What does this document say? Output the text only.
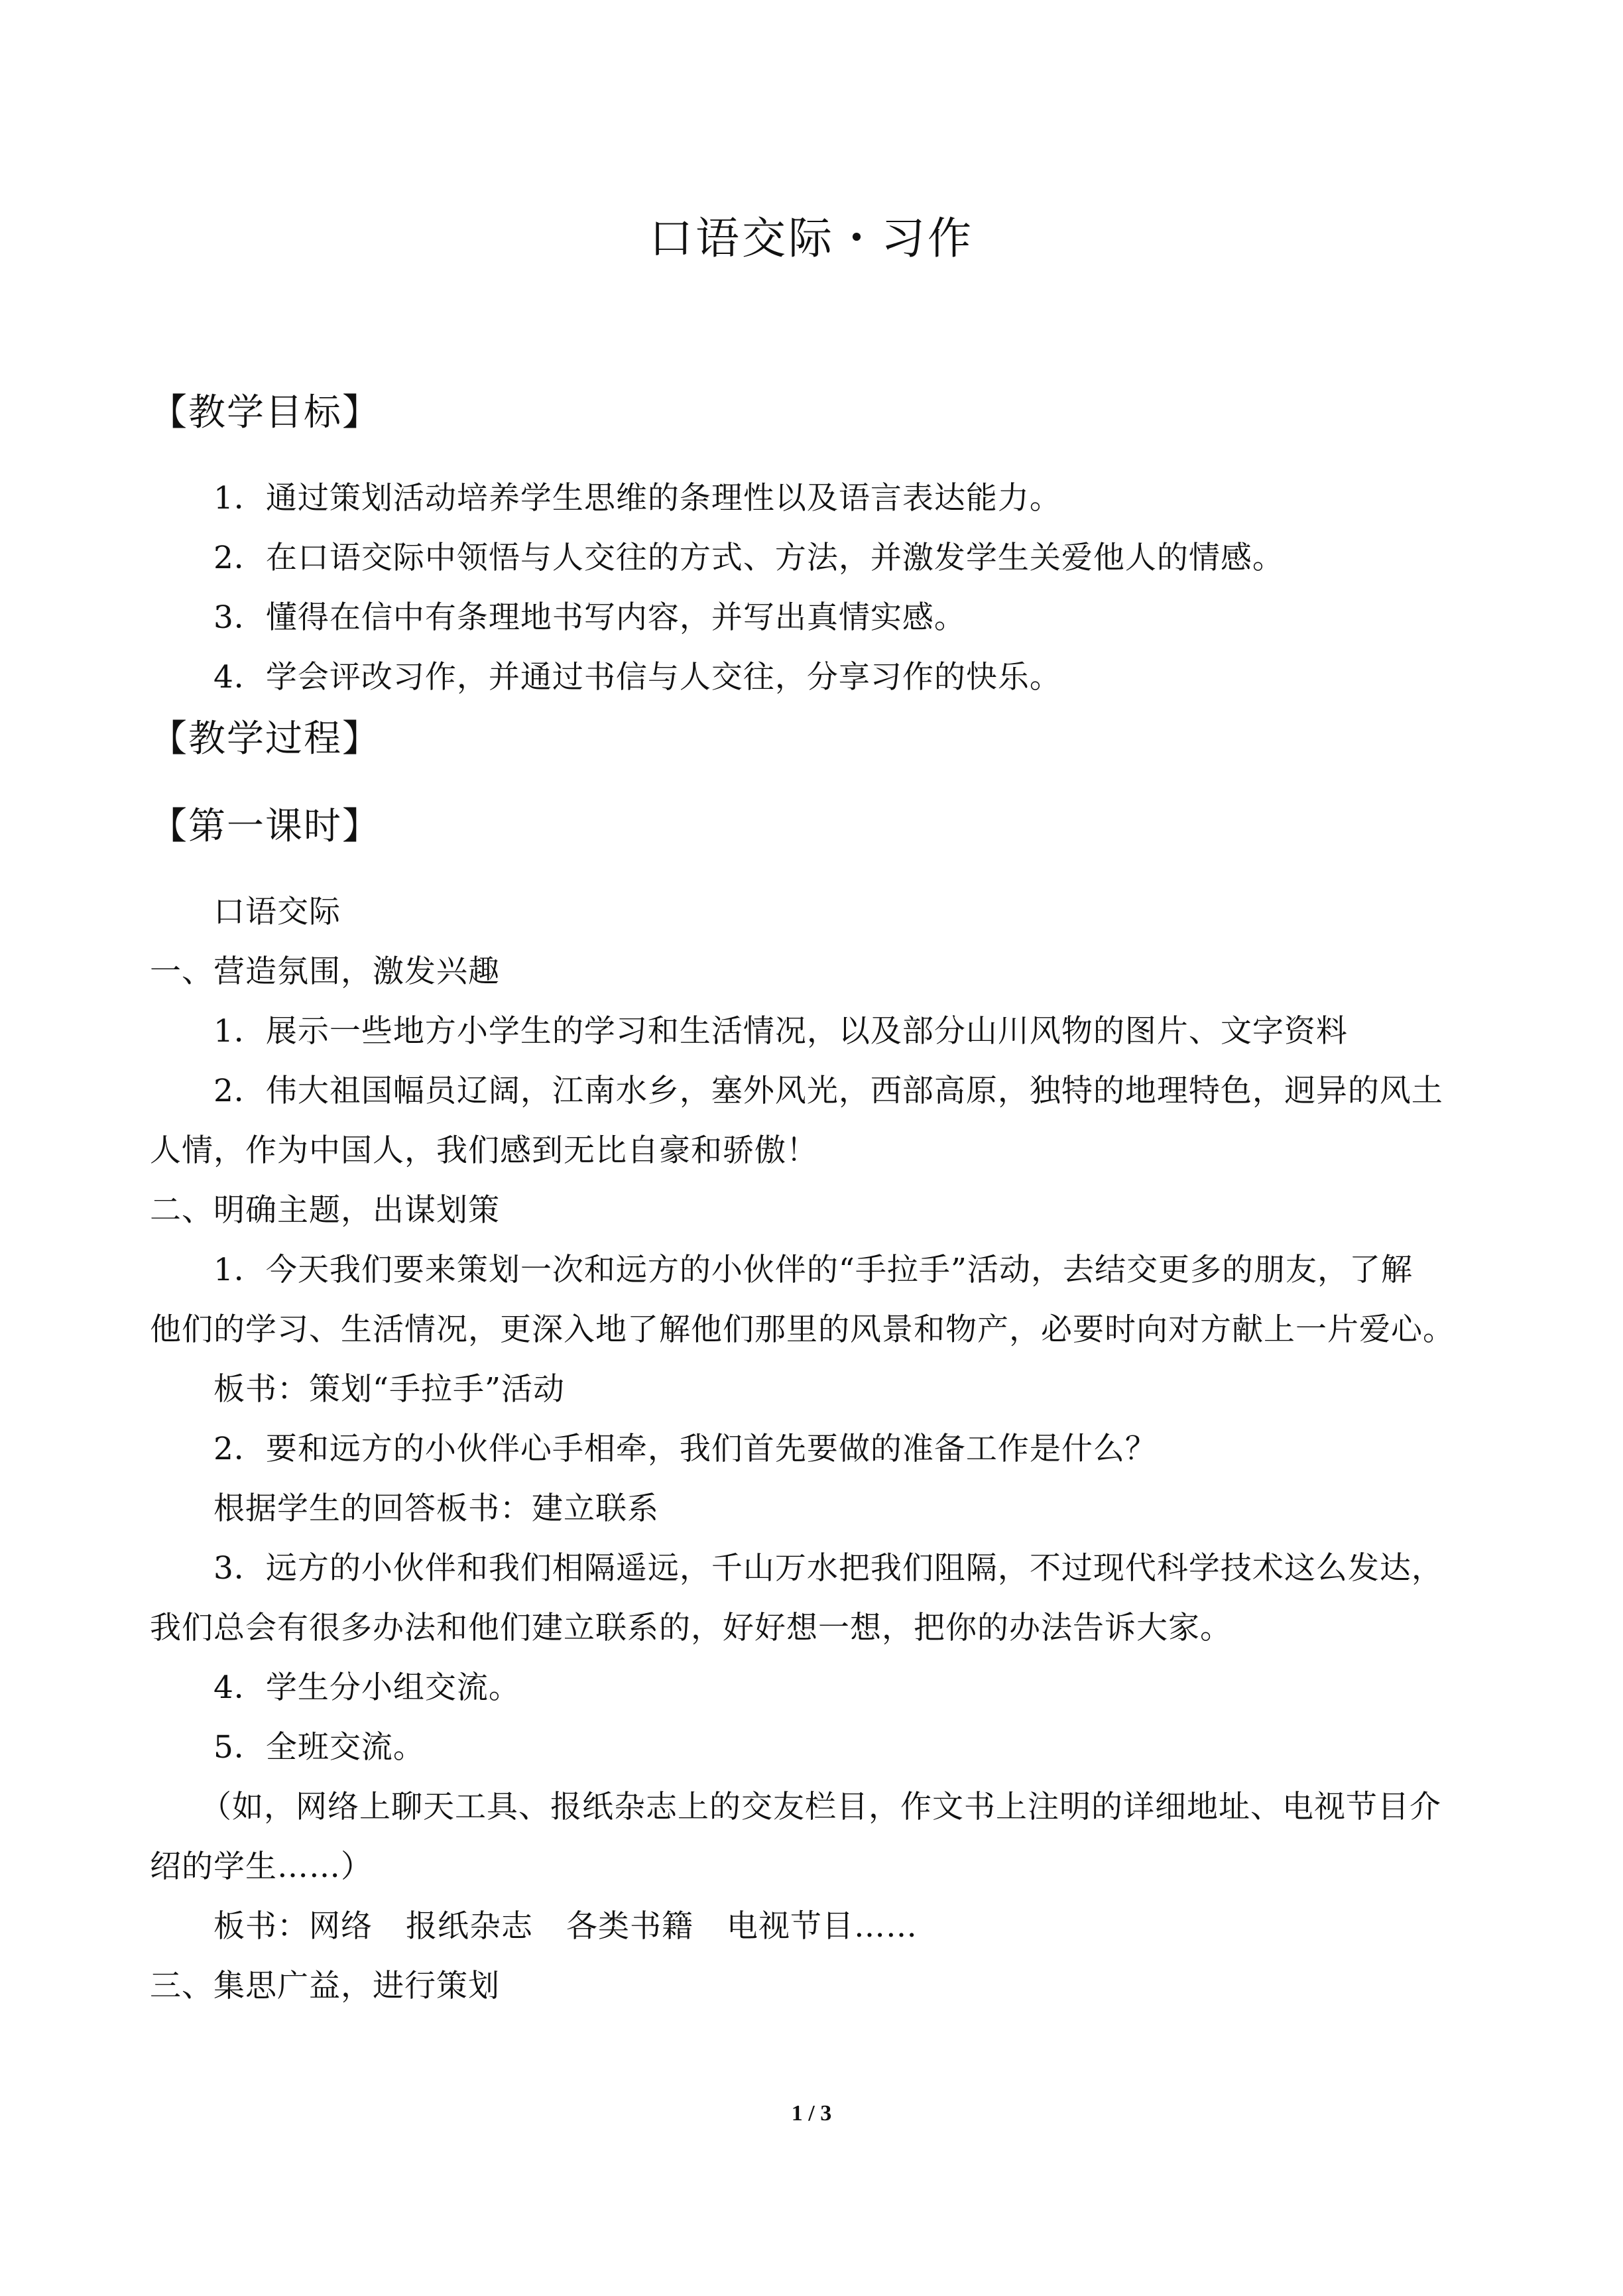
口语交际・习作
【教学目标】
1．通过策划活动培养学生思维的条理性以及语言表达能力。
2．在口语交际中领悟与人交往的方式、方法，并激发学生关爱他人的情感。
3．懂得在信中有条理地书写内容，并写出真情实感。
4．学会评改习作，并通过书信与人交往，分享习作的快乐。
【教学过程】
【第一课时】
口语交际
一、营造氛围，激发兴趣
1．展示一些地方小学生的学习和生活情况，以及部分山川风物的图片、文字资料
2．伟大祖国幅员辽阔，江南水乡，塞外风光，西部高原，独特的地理特色，迥异的风土
人情，作为中国人，我们感到无比自豪和骄傲！
二、明确主题，出谋划策
1．今天我们要来策划一次和远方的小伙伴的“手拉手”活动，去结交更多的朋友，了解
他们的学习、生活情况，更深入地了解他们那里的风景和物产，必要时向对方献上一片爱心。
板书：策划“手拉手”活动
2．要和远方的小伙伴心手相牵，我们首先要做的准备工作是什么？
根据学生的回答板书：建立联系
3．远方的小伙伴和我们相隔遥远，千山万水把我们阻隔，不过现代科学技术这么发达，
我们总会有很多办法和他们建立联系的，好好想一想，把你的办法告诉大家。
4．学生分小组交流。
5．全班交流。
（如，网络上聊天工具、报纸杂志上的交友栏目，作文书上注明的详细地址、电视节目介
绍的学生……）
板书：网络 报纸杂志 各类书籍 电视节目……
三、集思广益，进行策划
1 / 3
